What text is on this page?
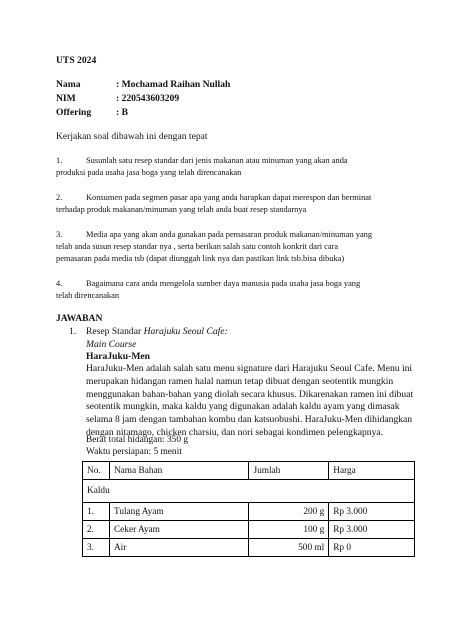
UTS 2024
Nama	: Mochamad Raihan Nullah
NIM	: 220543603209
Offering	: B
Kerjakan soal dibawah ini dengan tepat
1.	Susunlah satu resep standar dari jenis makanan atau minuman yang akan anda
produksi pada usaha jasa boga yang telah direncanakan
2.	Konsumen pada segmen pasar apa yang anda harapkan dapat merespon dan berminat
terhadap produk makanan/minuman yang telah anda buat resep standarnya
3.	Media apa yang akan anda gunakan pada pemasaran produk makanan/minuman yang
telah anda susun resep standar nya , serta berikan salah satu contoh konkrit dari cara
pemasaran pada media tsb (dapat diunggah link nya dan pastikan link tsb.bisa dibuka)
4.	Bagaimana cara anda mengelola sumber daya manusia pada usaha jasa boga yang
telah direncanakan
JAWABAN
1. Resep Standar Harajuku Seoul Cafe:
Main Course
HaraJuku-Men
HaraJuku-Men adalah salah satu menu signature dari Harajuku Seoul Cafe. Menu ini
merupakan hidangan ramen halal namun tetap dibuat dengan seotentik mungkin
menggunakan bahan-bahan yang diolah secara khusus. Dikarenakan ramen ini dibuat
seotentik mungkin, maka kaldu yang digunakan adalah kaldu ayam yang dimasak
selama 8 jam dengan tambahan kombu dan katsuobushi. HaraJuku-Men dihidangkan
dengan nitamago, chicken charsiu, dan nori sebagai kondimen pelengkapnya.
Berat total hidangan: 350 g
Waktu persiapan: 5 menit
No.	Nama Bahan	Jumlah	Harga
Kaldu			
1.	Tulang Ayam	200 g	Rp 3.000
2.	Ceker Ayam	100 g	Rp 3.000
3.	Air	500 ml	Rp 0
